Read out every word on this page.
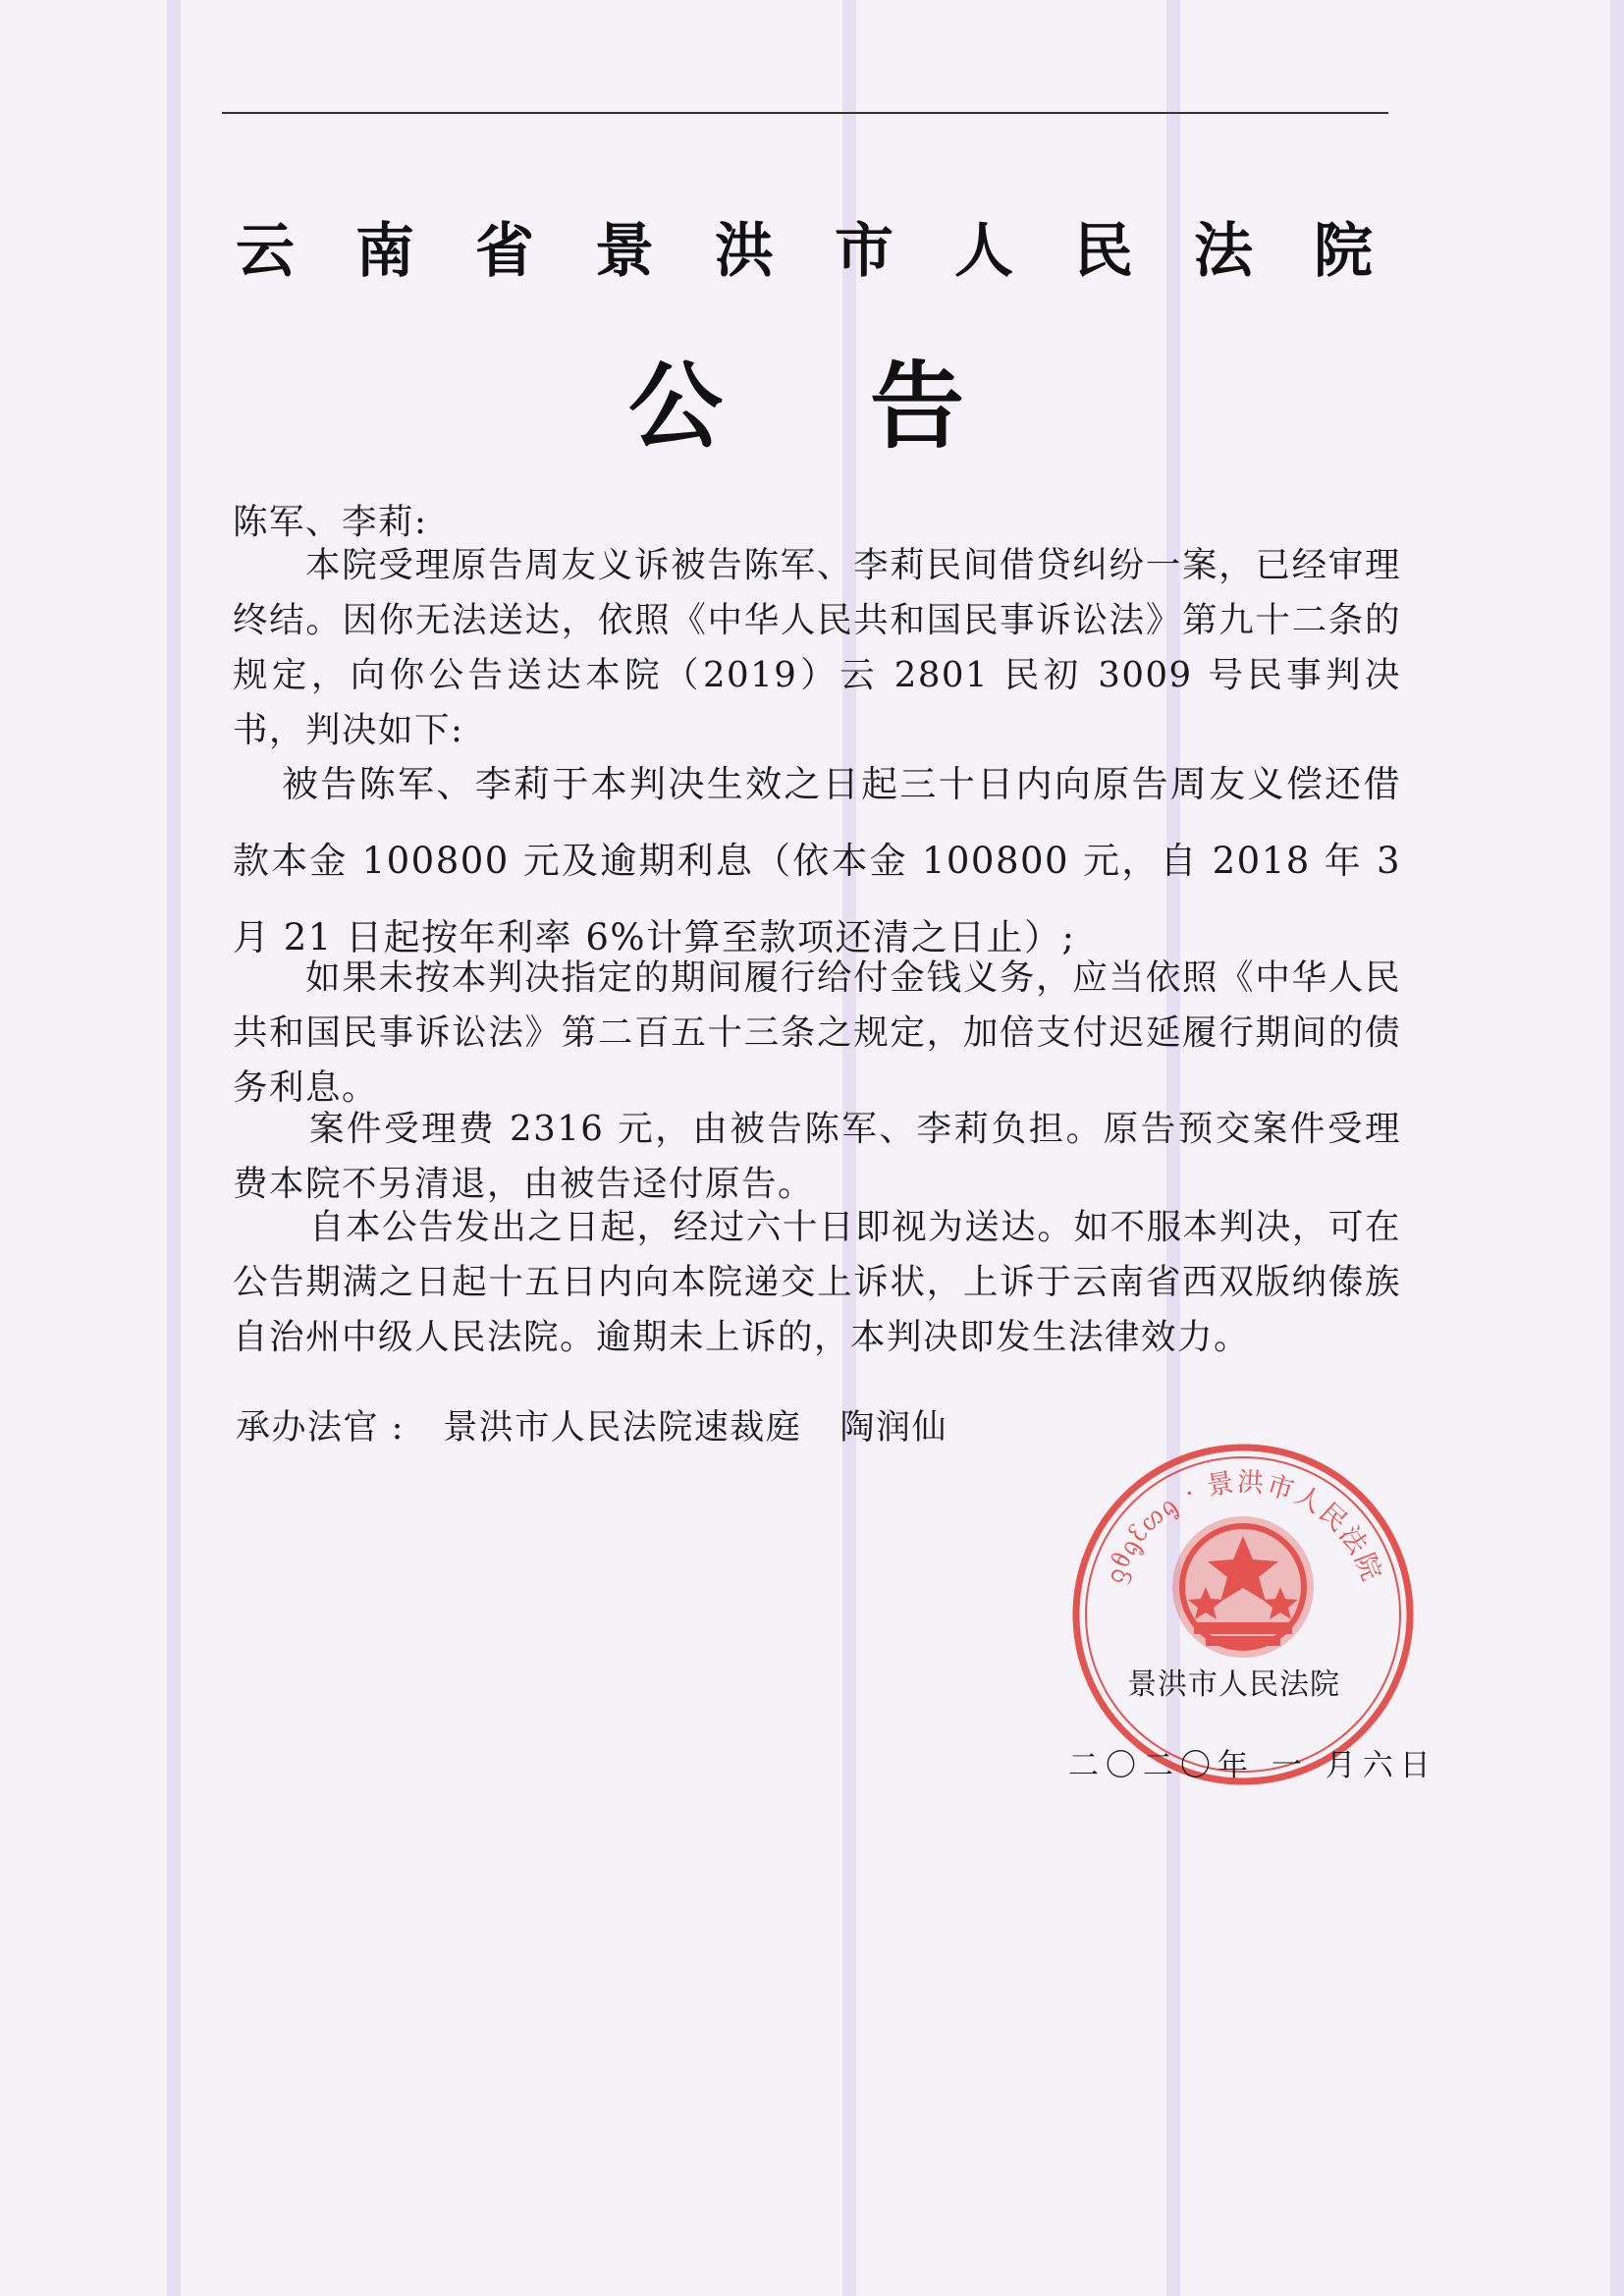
云南省景洪市人民法院
公告

陈军、李莉:

本院受理原告周友义诉被告陈军、李莉民间借贷纠纷一案，已经审理终结。因你无法送达，依照《中华人民共和国民事诉讼法》第九十二条的规定，向你公告送达本院（2019）云 2801 民初 3009 号民事判决书，判决如下:

被告陈军、李莉于本判决生效之日起三十日内向原告周友义偿还借款本金 100800 元及逾期利息（依本金 100800 元，自 2018 年 3 月 21 日起按年利率 6%计算至款项还清之日止）;

如果未按本判决指定的期间履行给付金钱义务，应当依照《中华人民共和国民事诉讼法》第二百五十三条之规定，加倍支付迟延履行期间的债务利息。

案件受理费 2316 元，由被告陈军、李莉负担。原告预交案件受理费本院不另清退，由被告迳付原告。

自本公告发出之日起，经过六十日即视为送达。如不服本判决，可在公告期满之日起十五日内向本院递交上诉状，上诉于云南省西双版纳傣族自治州中级人民法院。逾期未上诉的，本判决即发生法律效力。

承办法官 : 景洪市人民法院速裁庭 陶润仙
ᦋᦲᧂᦷᦠᧂ · 景洪市人民法院
景洪市人民法院
二〇二〇年 一 月六日
